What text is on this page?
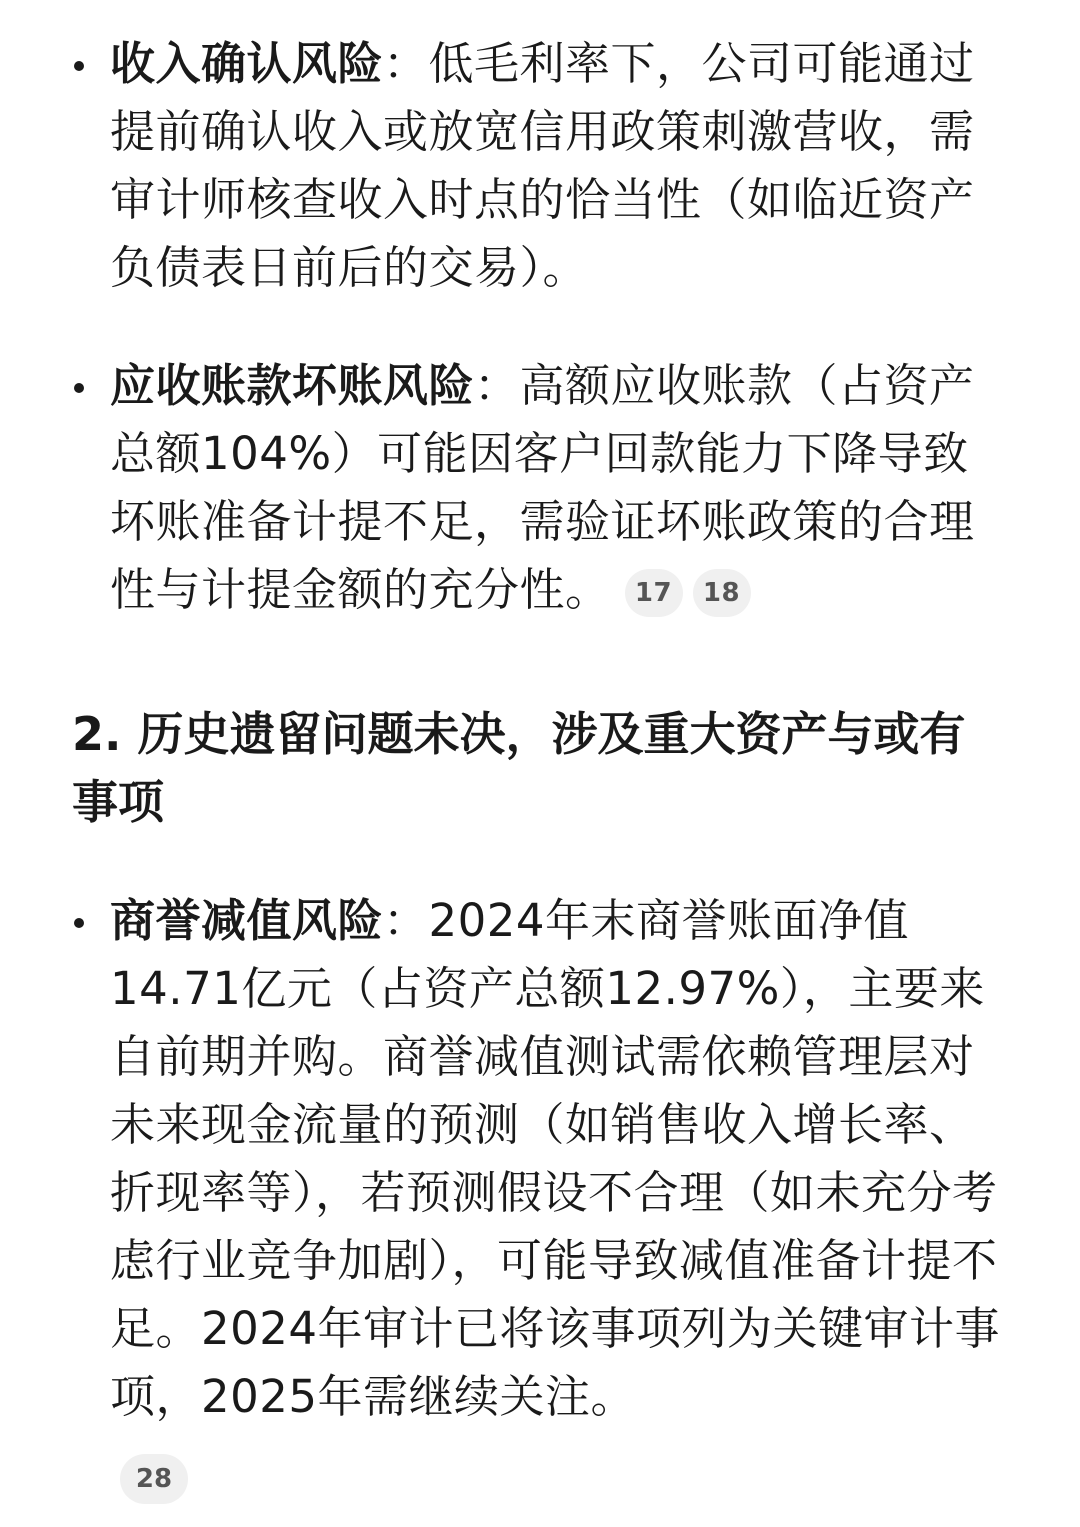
收入确认风险：低毛利率下，公司可能通过提前确认收入或放宽信用政策刺激营收，需审计师核查收入时点的恰当性（如临近资产负债表日前后的交易）。
应收账款坏账风险：高额应收账款（占资产总额104%）可能因客户回款能力下降导致坏账准备计提不足，需验证坏账政策的合理性与计提金额的充分性。 17 18
2. 历史遗留问题未决，涉及重大资产与或有事项
商誉减值风险：2024年末商誉账面净值14.71亿元（占资产总额12.97%），主要来自前期并购。商誉减值测试需依赖管理层对未来现金流量的预测（如销售收入增长率、折现率等），若预测假设不合理（如未充分考虑行业竞争加剧），可能导致减值准备计提不足。2024年审计已将该事项列为关键审计事项，2025年需继续关注。
28
